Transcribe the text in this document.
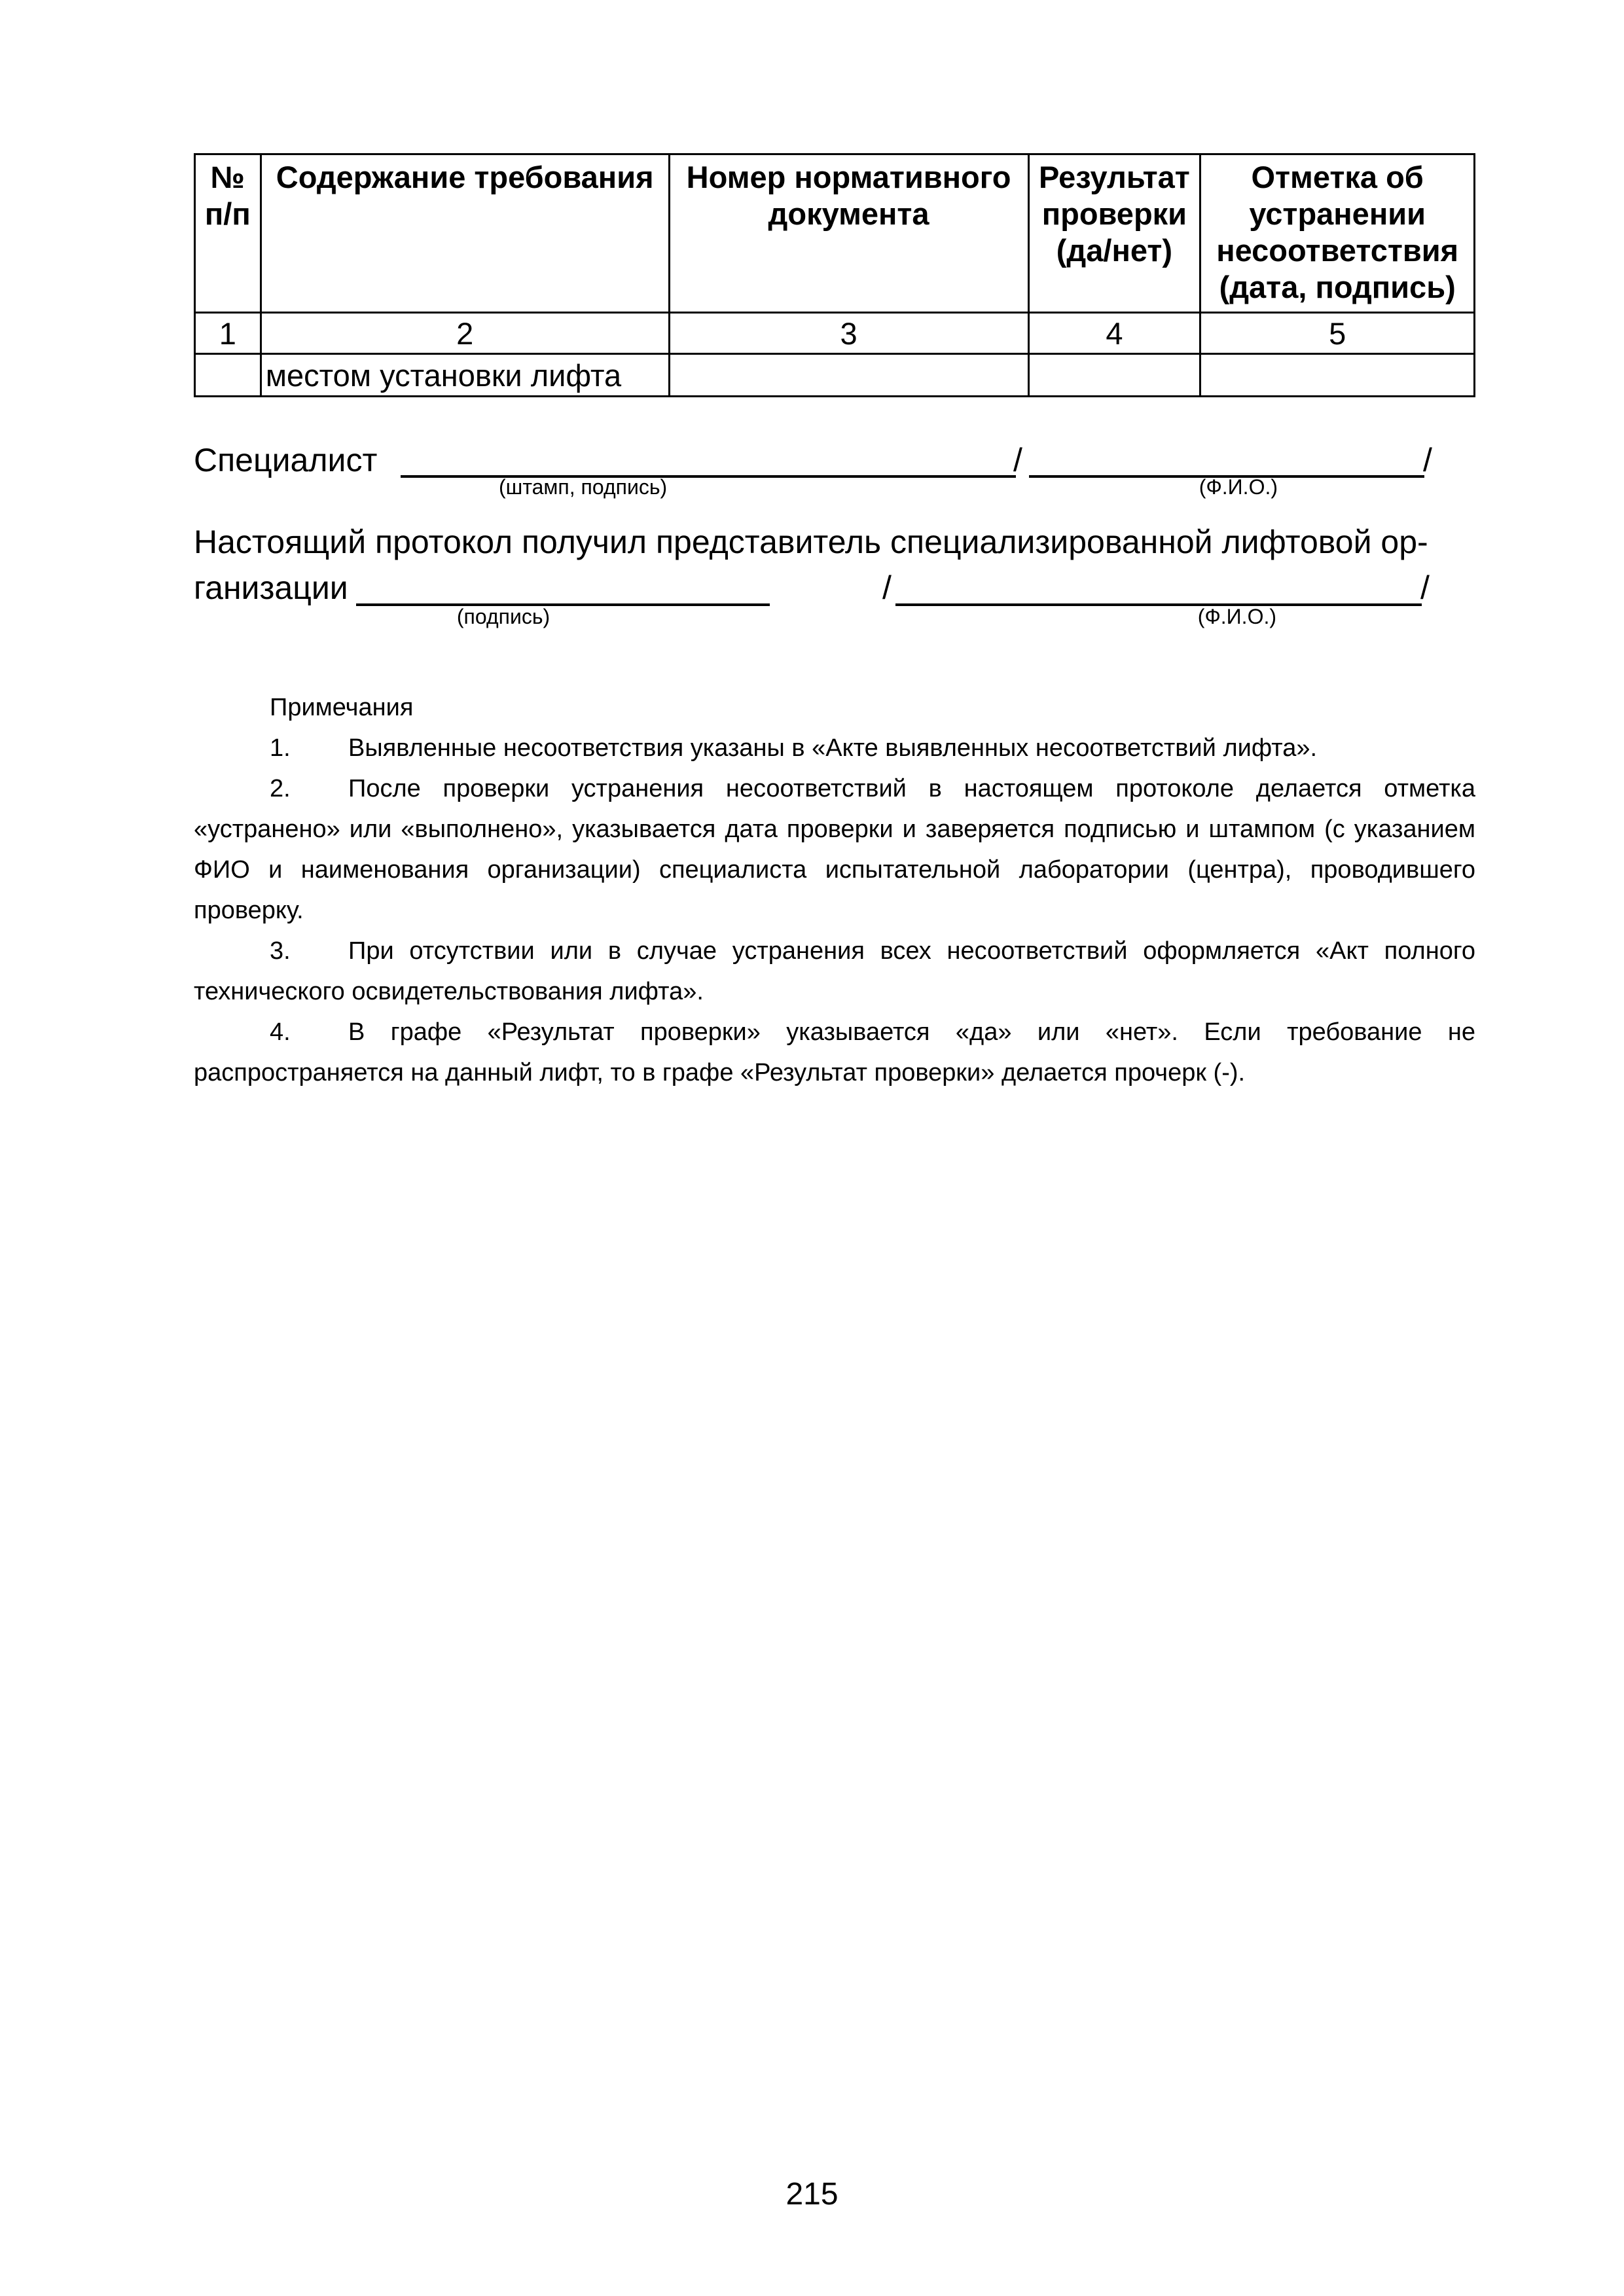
№ п/п	Содержание требования	Номер нормативного документа	Результат проверки (да/нет)	Отметка об устранении несоответствия (дата, подпись)
1	2	3	4	5
	местом установки лифта			
Специалист	/	/
(штамп, подпись)	(Ф.И.О.)
Настоящий протокол получил представитель специализированной лифтовой ор-
ганизации	/	/
(подпись)	(Ф.И.О.)
Примечания
1. Выявленные несоответствия указаны в «Акте выявленных несоответствий лифта».
2. После проверки устранения несоответствий в настоящем протоколе делается отметка «устранено» или «выполнено», указывается дата проверки и заверяется подписью и штампом (с указанием ФИО и наименования организации) специалиста испытательной лаборатории (центра), проводившего проверку.
3. При отсутствии или в случае устранения всех несоответствий оформляется «Акт полного технического освидетельствования лифта».
4. В графе «Результат проверки» указывается «да» или «нет». Если требование не распространяется на данный лифт, то в графе «Результат проверки» делается прочерк (-).
215
